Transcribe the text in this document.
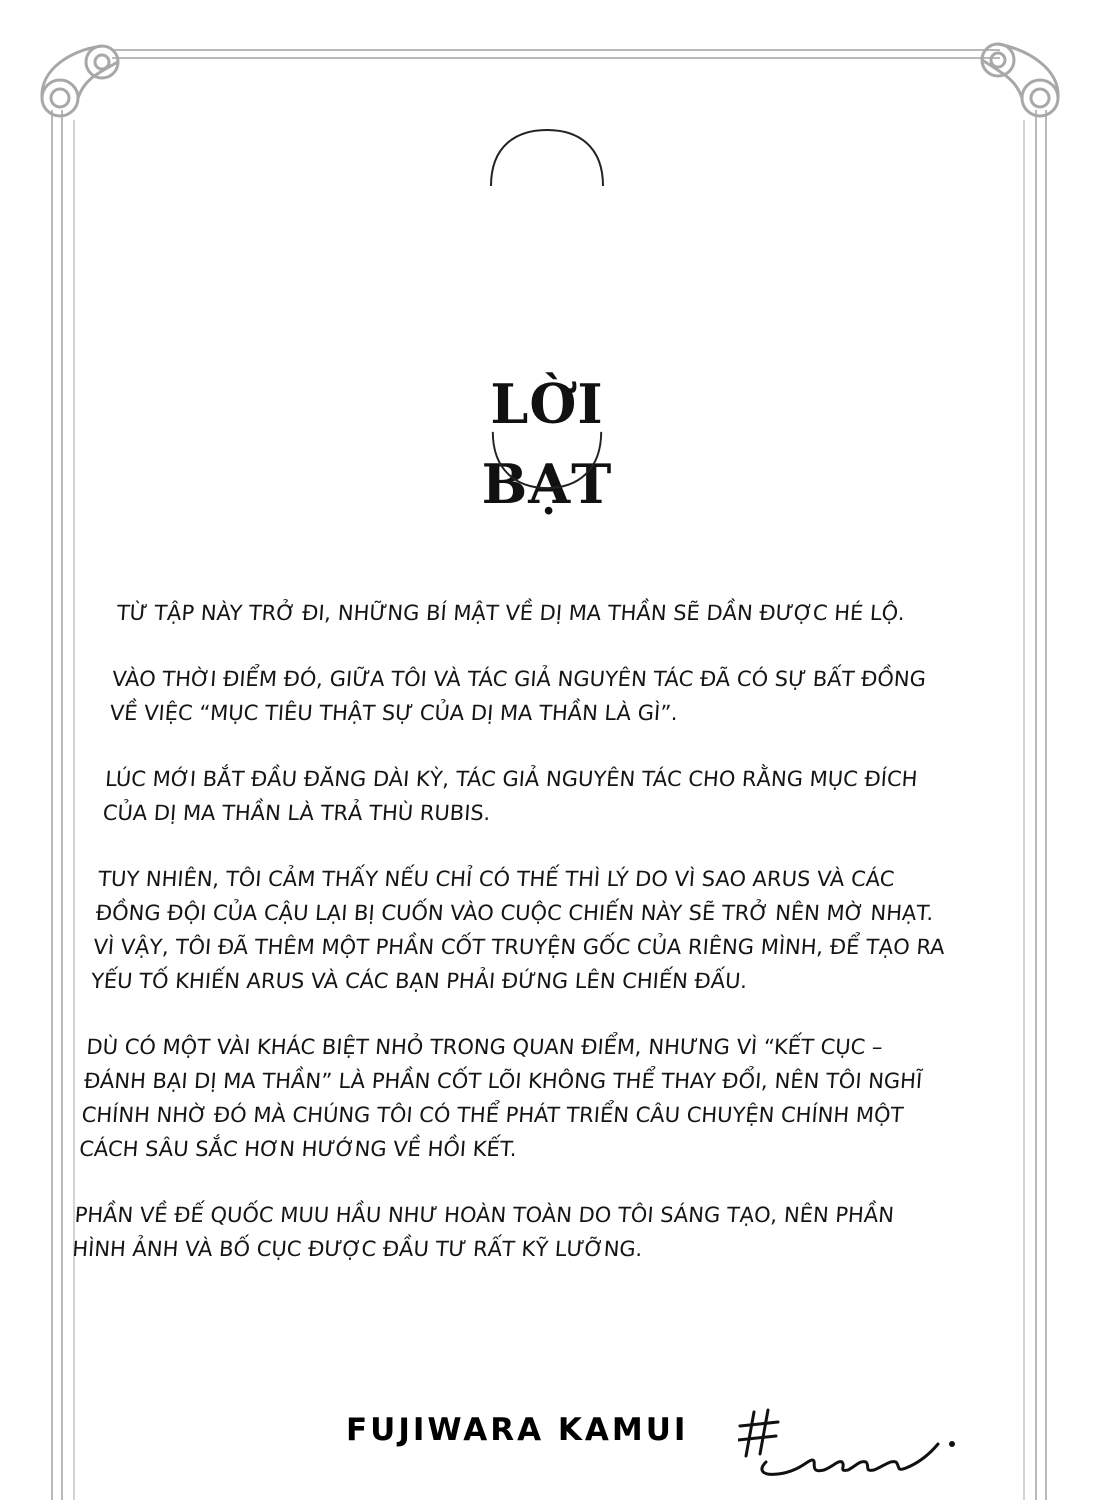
LỜI
BẠT

TỪ TẬP NÀY TRỞ ĐI, NHỮNG BÍ MẬT VỀ DỊ MA THẦN SẼ DẦN ĐƯỢC HÉ LỘ.

VÀO THỜI ĐIỂM ĐÓ, GIỮA TÔI VÀ TÁC GIẢ NGUYÊN TÁC ĐÃ CÓ SỰ BẤT ĐỒNG
VỀ VIỆC “MỤC TIÊU THẬT SỰ CỦA DỊ MA THẦN LÀ GÌ”.

LÚC MỚI BẮT ĐẦU ĐĂNG DÀI KỲ, TÁC GIẢ NGUYÊN TÁC CHO RẰNG MỤC ĐÍCH
CỦA DỊ MA THẦN LÀ TRẢ THÙ RUBIS.

TUY NHIÊN, TÔI CẢM THẤY NẾU CHỈ CÓ THẾ THÌ LÝ DO VÌ SAO ARUS VÀ CÁC
ĐỒNG ĐỘI CỦA CẬU LẠI BỊ CUỐN VÀO CUỘC CHIẾN NÀY SẼ TRỞ NÊN MỜ NHẠT.
VÌ VẬY, TÔI ĐÃ THÊM MỘT PHẦN CỐT TRUYỆN GỐC CỦA RIÊNG MÌNH, ĐỂ TẠO RA
YẾU TỐ KHIẾN ARUS VÀ CÁC BẠN PHẢI ĐỨNG LÊN CHIẾN ĐẤU.

DÙ CÓ MỘT VÀI KHÁC BIỆT NHỎ TRONG QUAN ĐIỂM, NHƯNG VÌ “KẾT CỤC –
ĐÁNH BẠI DỊ MA THẦN” LÀ PHẦN CỐT LÕI KHÔNG THỂ THAY ĐỔI, NÊN TÔI NGHĨ
CHÍNH NHỜ ĐÓ MÀ CHÚNG TÔI CÓ THỂ PHÁT TRIỂN CÂU CHUYỆN CHÍNH MỘT
CÁCH SÂU SẮC HƠN HƯỚNG VỀ HỒI KẾT.

PHẦN VỀ ĐẾ QUỐC MUU HẦU NHƯ HOÀN TOÀN DO TÔI SÁNG TẠO, NÊN PHẦN
HÌNH ẢNH VÀ BỐ CỤC ĐƯỢC ĐẦU TƯ RẤT KỸ LƯỠNG.

FUJIWARA KAMUI
